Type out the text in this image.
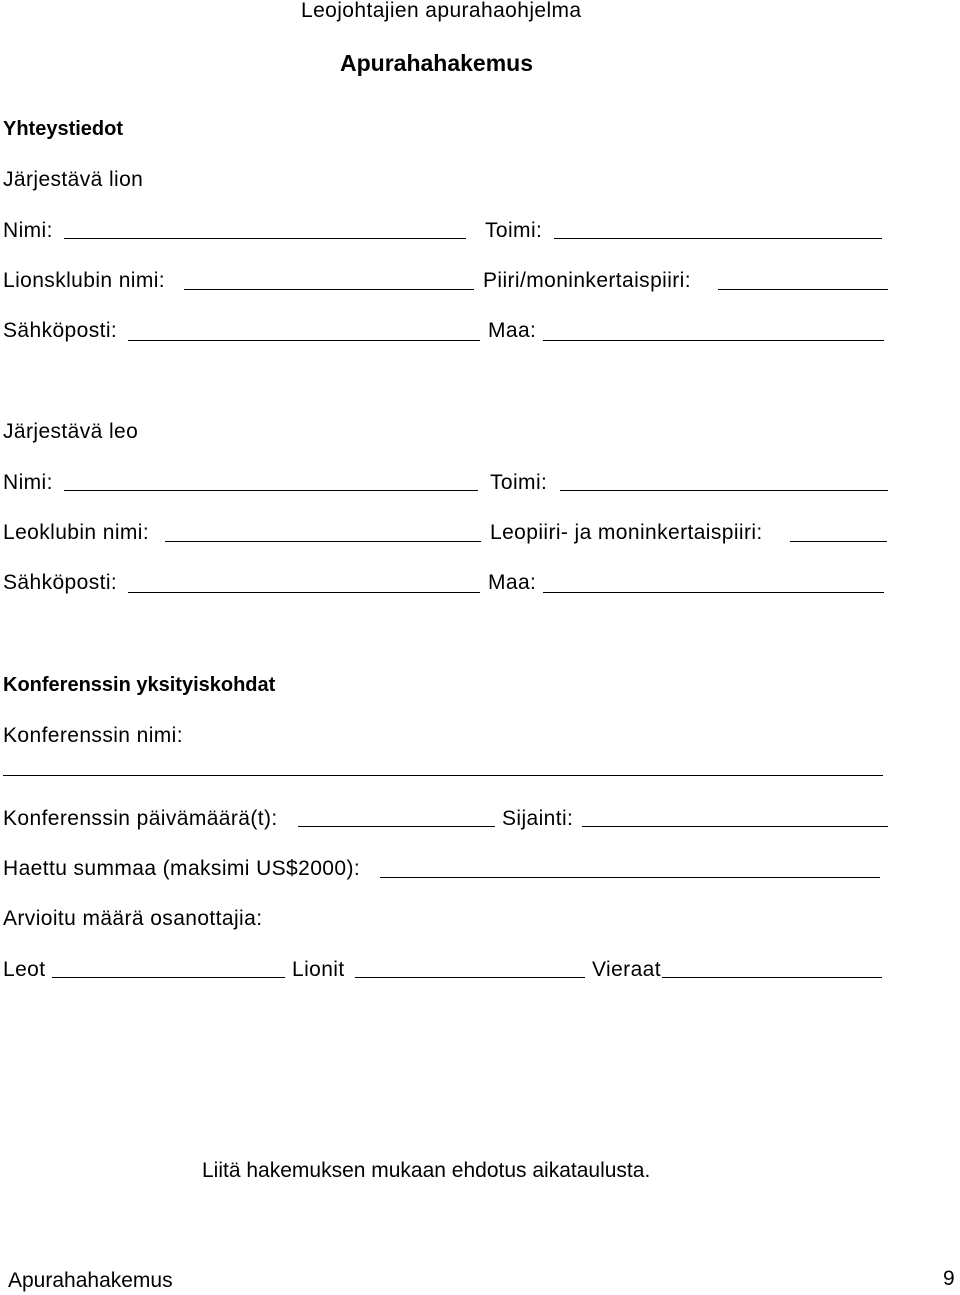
Leojohtajien apurahaohjelma
Apurahahakemus
Yhteystiedot
Järjestävä lion
Nimi:	Toimi:
Lionsklubin nimi:	Piiri/moninkertaispiiri:
Sähköposti:	Maa:
Järjestävä leo
Nimi:	Toimi:
Leoklubin nimi:	Leopiiri- ja moninkertaispiiri:
Sähköposti:	Maa:
Konferenssin yksityiskohdat
Konferenssin nimi:
Konferenssin päivämäärä(t):	Sijainti:
Haettu summaa (maksimi US$2000):
Arvioitu määrä osanottajia:
Leot	Lionit	Vieraat
Liitä hakemuksen mukaan ehdotus aikataulusta.
Apurahahakemus	9
